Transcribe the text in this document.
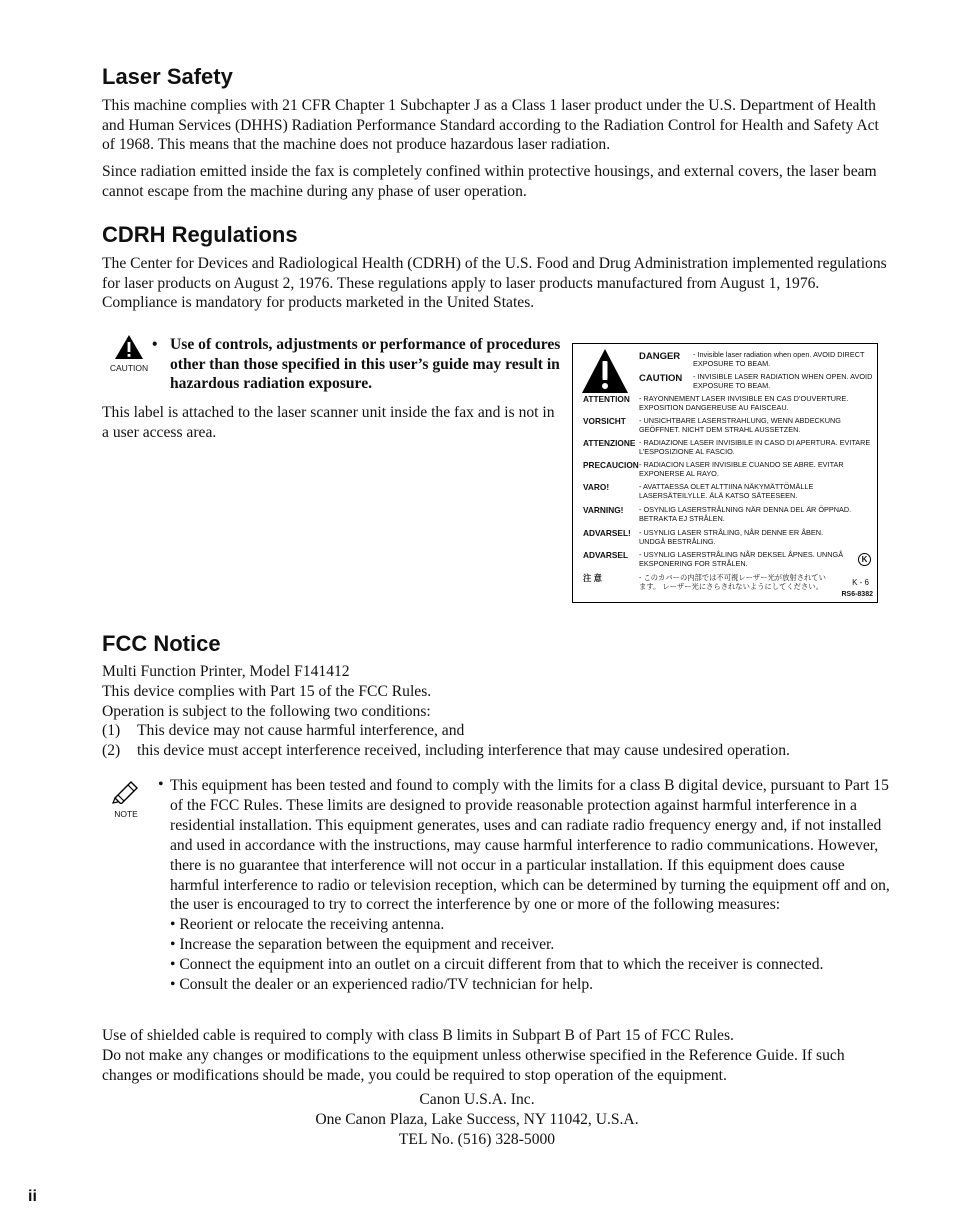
Laser Safety

This machine complies with 21 CFR Chapter 1 Subchapter J as a Class 1 laser product under the U.S. Department of Health and Human Services (DHHS) Radiation Performance Standard according to the Radiation Control for Health and Safety Act of 1968. This means that the machine does not produce hazardous laser radiation.

Since radiation emitted inside the fax is completely confined within protective housings, and external covers, the laser beam cannot escape from the machine during any phase of user operation.

CDRH Regulations

The Center for Devices and Radiological Health (CDRH) of the U.S. Food and Drug Administration implemented regulations for laser products on August 2, 1976. These regulations apply to laser products manufactured from August 1, 1976. Compliance is mandatory for products marketed in the United States.

CAUTION

• Use of controls, adjustments or performance of procedures other than those specified in this user’s guide may result in hazardous radiation exposure.

This label is attached to the laser scanner unit inside the fax and is not in a user access area.

DANGER - Invisible laser radiation when open. AVOID DIRECT EXPOSURE TO BEAM.
CAUTION - INVISIBLE LASER RADIATION WHEN OPEN. AVOID EXPOSURE TO BEAM.
ATTENTION - RAYONNEMENT LASER INVISIBLE EN CAS D’OUVERTURE. EXPOSITION DANGEREUSE AU FAISCEAU.
VORSICHT - UNSICHTBARE LASERSTRAHLUNG, WENN ABDECKUNG GEÖFFNET. NICHT DEM STRAHL AUSSETZEN.
ATTENZIONE - RADIAZIONE LASER INVISIBILE IN CASO DI APERTURA. EVITARE L’ESPOSIZIONE AL FASCIO.
PRECAUCION - RADIACION LASER INVISIBLE CUANDO SE ABRE. EVITAR EXPONERSE AL RAYO.
VARO!	- AVATTAESSA OLET ALTTIINA NÄKYMÄTTÖMÄLLE LASERSÄTEILYLLE. ÄLÄ KATSO SÄTEESEEN.
VARNING! - OSYNLIG LASERSTRÅLNING NÄR DENNA DEL ÄR ÖPPNAD. BETRAKTA EJ STRÅLEN.
ADVARSEL! - USYNLIG LASER STRÅLING, NÅR DENNE ER ÅBEN. UNDGÅ BESTRÅLING.
ADVARSEL - USYNLIG LASERSTRÅLING NÅR DEKSEL ÅPNES. UNNGÅ EKSPONERING FOR STRÅLEN.
注 意	- このカバーの内部では不可視レーザー光が放射されています。 レーザー光にさらされないようにしてください。
K
K - 6
RS6-8382
FCC Notice

Multi Function Printer, Model F141412

This device complies with Part 15 of the FCC Rules.

Operation is subject to the following two conditions:

(1) This device may not cause harmful interference, and

(2) this device must accept interference received, including interference that may cause undesired operation.

NOTE
• This equipment has been tested and found to comply with the limits for a class B digital device, pursuant to Part 15 of the FCC Rules. These limits are designed to provide reasonable protection against harmful interference in a residential installation. This equipment generates, uses and can radiate radio frequency energy and, if not installed and used in accordance with the instructions, may cause harmful interference to radio communications. However, there is no guarantee that interference will not occur in a particular installation. If this equipment does cause harmful interference to radio or television reception, which can be determined by turning the equipment off and on, the user is encouraged to try to correct the interference by one or more of the following measures:
• Reorient or relocate the receiving antenna.
• Increase the separation between the equipment and receiver.
• Connect the equipment into an outlet on a circuit different from that to which the receiver is connected.
• Consult the dealer or an experienced radio/TV technician for help.

Use of shielded cable is required to comply with class B limits in Subpart B of Part 15 of FCC Rules.

Do not make any changes or modifications to the equipment unless otherwise specified in the Reference Guide. If such changes or modifications should be made, you could be required to stop operation of the equipment.

Canon U.S.A. Inc.

One Canon Plaza, Lake Success, NY 11042, U.S.A.

TEL No. (516) 328-5000

ii
